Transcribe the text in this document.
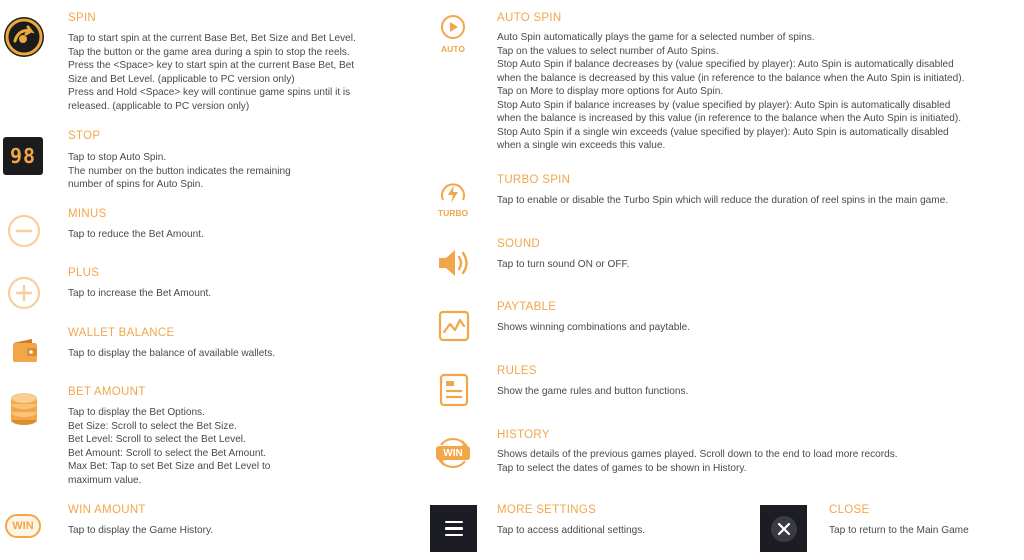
SPIN
Tap to start spin at the current Base Bet, Bet Size and Bet Level.
Tap the button or the game area during a spin to stop the reels.
Press the <Space> key to start spin at the current Base Bet, Bet
Size and Bet Level. (applicable to PC version only)
Press and Hold <Space> key will continue game spins until it is
released. (applicable to PC version only)
98
STOP
Tap to stop Auto Spin.
The number on the button indicates the remaining
number of spins for Auto Spin.
MINUS
Tap to reduce the Bet Amount.
PLUS
Tap to increase the Bet Amount.
WALLET BALANCE
Tap to display the balance of available wallets.
BET AMOUNT
Tap to display the Bet Options.
Bet Size: Scroll to select the Bet Size.
Bet Level: Scroll to select the Bet Level.
Bet Amount: Scroll to select the Bet Amount.
Max Bet: Tap to set Bet Size and Bet Level to
maximum value.
WIN
WIN AMOUNT
Tap to display the Game History.
AUTO
AUTO SPIN
Auto Spin automatically plays the game for a selected number of spins.
Tap on the values to select number of Auto Spins.
Stop Auto Spin if balance decreases by (value specified by player): Auto Spin is automatically disabled
when the balance is decreased by this value (in reference to the balance when the Auto Spin is initiated).
Tap on More to display more options for Auto Spin.
Stop Auto Spin if balance increases by (value specified by player): Auto Spin is automatically disabled
when the balance is increased by this value (in reference to the balance when the Auto Spin is initiated).
Stop Auto Spin if a single win exceeds (value specified by player): Auto Spin is automatically disabled
when a single win exceeds this value.
TURBO
TURBO SPIN
Tap to enable or disable the Turbo Spin which will reduce the duration of reel spins in the main game.
SOUND
Tap to turn sound ON or OFF.
PAYTABLE
Shows winning combinations and paytable.
RULES
Show the game rules and button functions.
WIN
HISTORY
Shows details of the previous games played. Scroll down to the end to load more records.
Tap to select the dates of games to be shown in History.
MORE SETTINGS
Tap to access additional settings.
CLOSE
Tap to return to the Main Game
